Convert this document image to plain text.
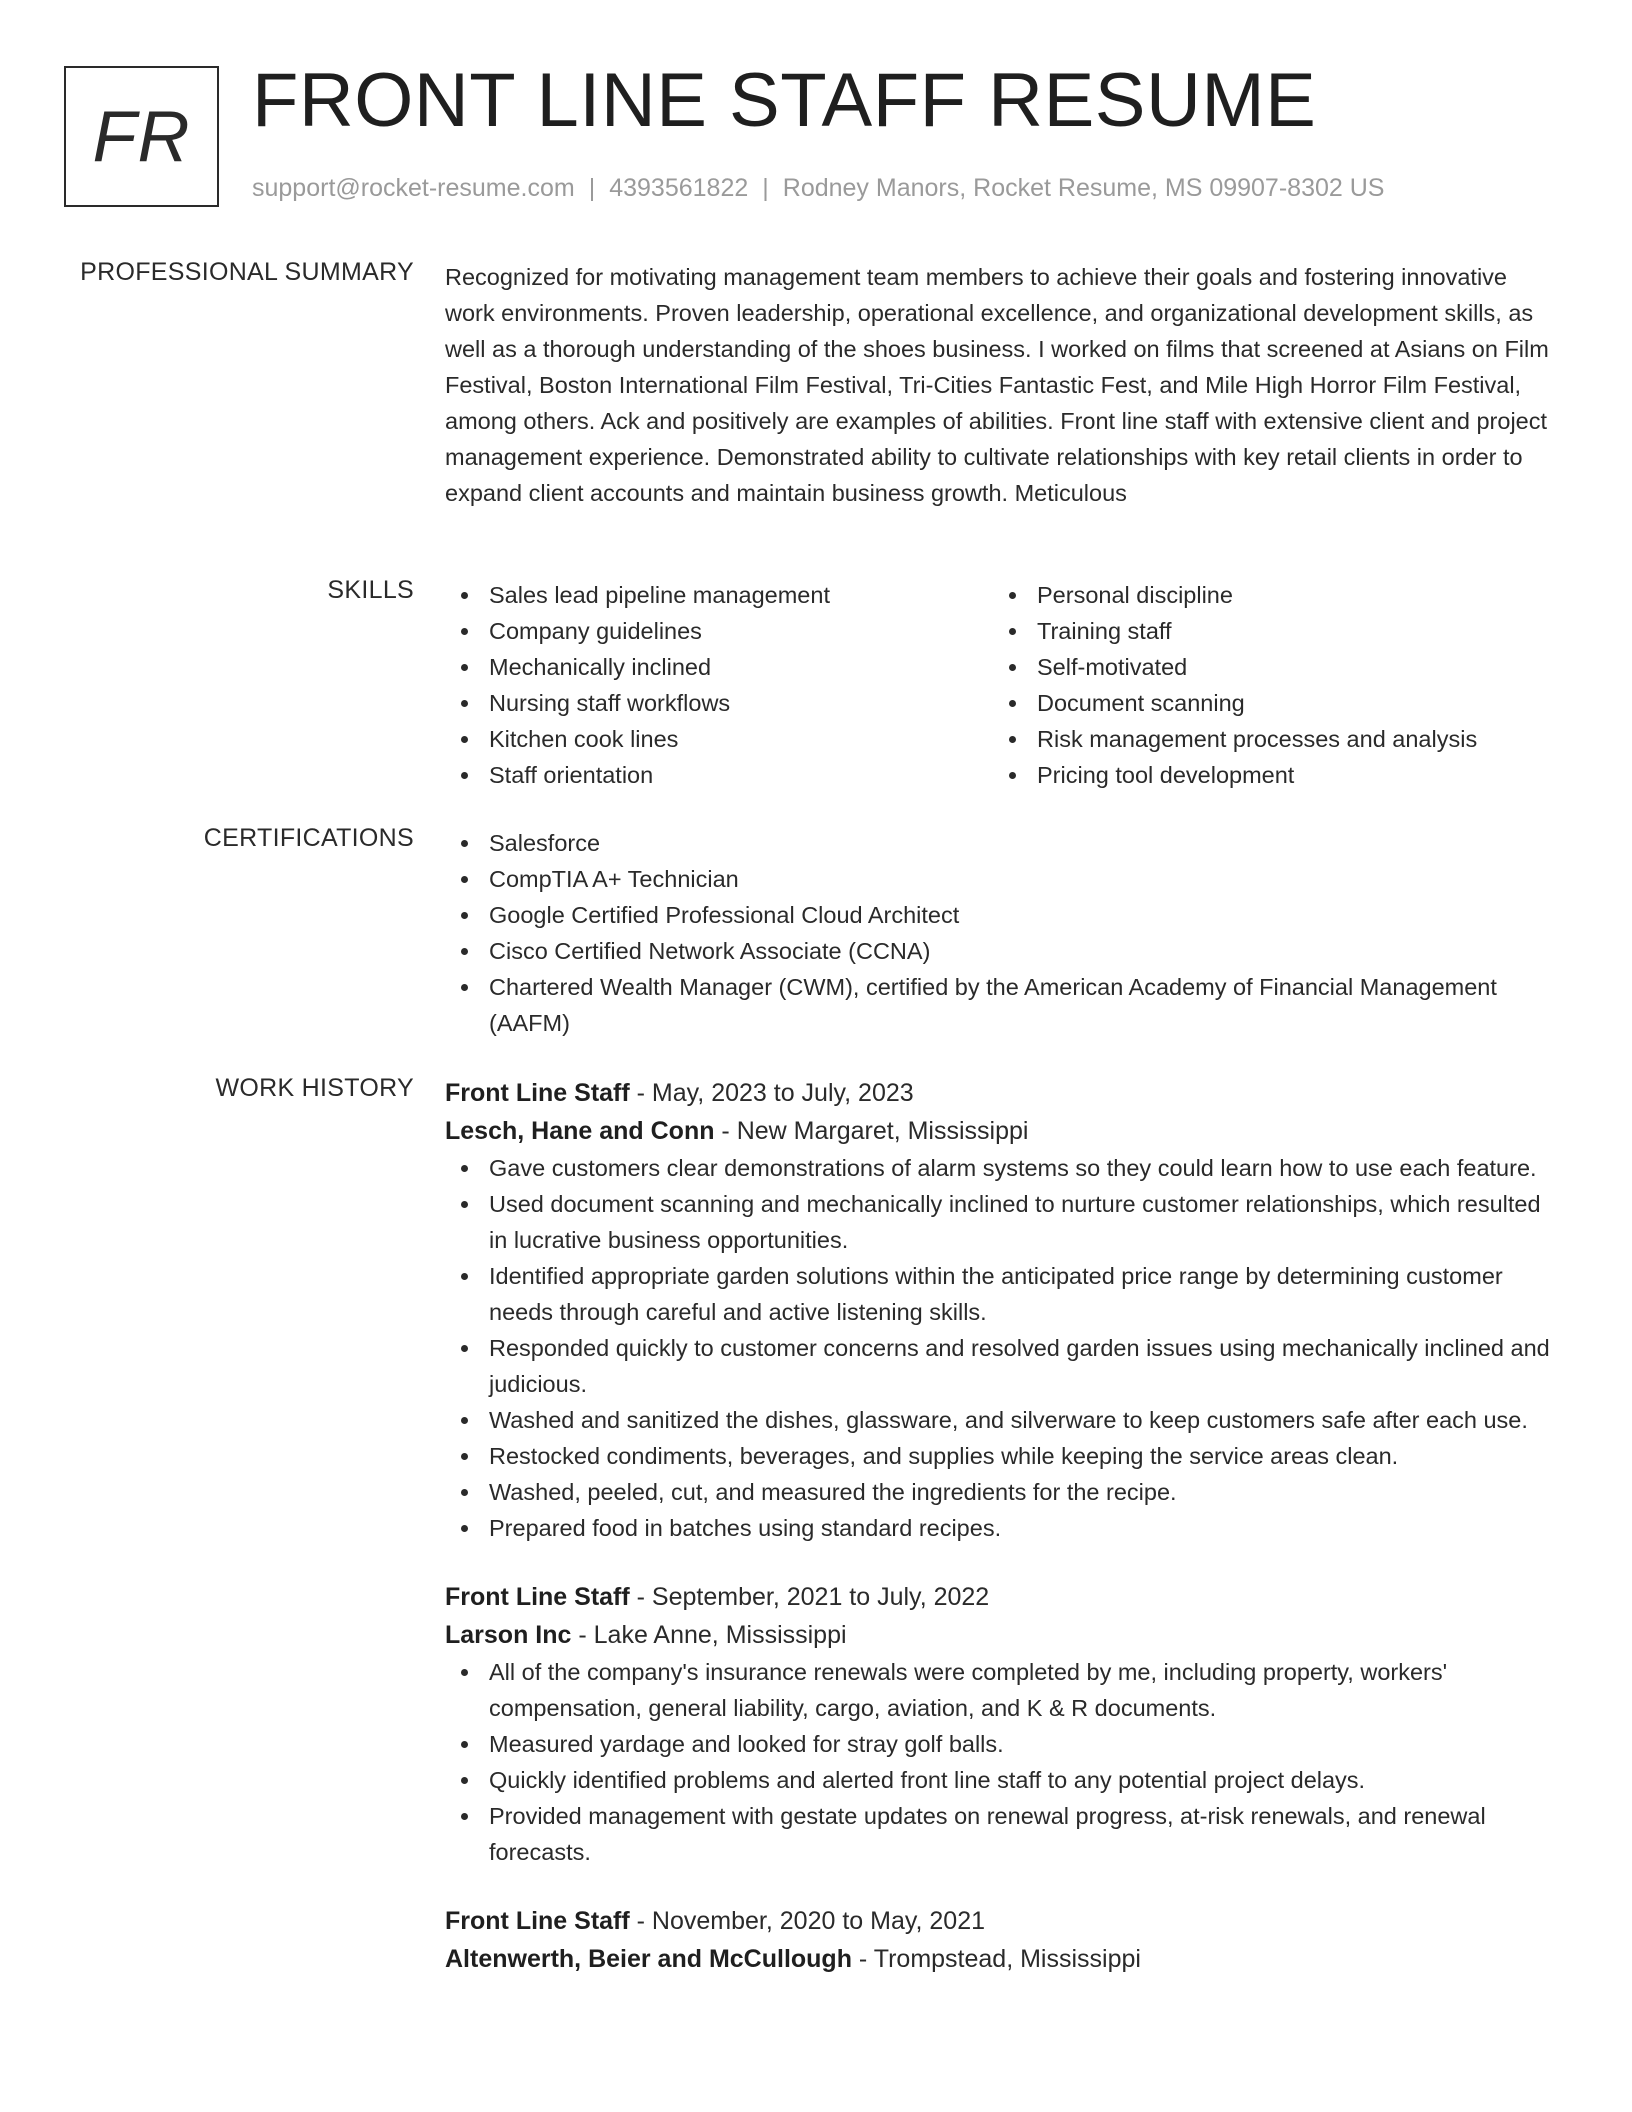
FR FRONT LINE STAFF RESUME
support@rocket-resume.com | 4393561822 | Rodney Manors, Rocket Resume, MS 09907-8302 US
PROFESSIONAL SUMMARY Recognized for motivating management team members to achieve their goals and fostering innovative work environments. Proven leadership, operational excellence, and organizational development skills, as well as a thorough understanding of the shoes business. I worked on films that screened at Asians on Film Festival, Boston International Film Festival, Tri-Cities Fantastic Fest, and Mile High Horror Film Festival, among others. Ack and positively are examples of abilities. Front line staff with extensive client and project management experience. Demonstrated ability to cultivate relationships with key retail clients in order to expand client accounts and maintain business growth. Meticulous

SKILLS	Sales lead pipeline management
Company guidelines
Mechanically inclined
Nursing staff workflows
Kitchen cook lines
Staff orientation
Personal discipline
Training staff
Self-motivated
Document scanning
Risk management processes and analysis
Pricing tool development
CERTIFICATIONS	Salesforce
CompTIA A+ Technician
Google Certified Professional Cloud Architect
Cisco Certified Network Associate (CCNA)
Chartered Wealth Manager (CWM), certified by the American Academy of Financial Management (AAFM)
WORK HISTORY Front Line Staff - May, 2023 to July, 2023
Lesch, Hane and Conn - New Margaret, Mississippi
Gave customers clear demonstrations of alarm systems so they could learn how to use each feature.
Used document scanning and mechanically inclined to nurture customer relationships, which resulted in lucrative business opportunities.
Identified appropriate garden solutions within the anticipated price range by determining customer needs through careful and active listening skills.
Responded quickly to customer concerns and resolved garden issues using mechanically inclined and judicious.
Washed and sanitized the dishes, glassware, and silverware to keep customers safe after each use.
Restocked condiments, beverages, and supplies while keeping the service areas clean.
Washed, peeled, cut, and measured the ingredients for the recipe.
Prepared food in batches using standard recipes.
Front Line Staff - September, 2021 to July, 2022
Larson Inc - Lake Anne, Mississippi
All of the company's insurance renewals were completed by me, including property, workers' compensation, general liability, cargo, aviation, and K & R documents.
Measured yardage and looked for stray golf balls.
Quickly identified problems and alerted front line staff to any potential project delays.
Provided management with gestate updates on renewal progress, at-risk renewals, and renewal forecasts.
Front Line Staff - November, 2020 to May, 2021
Altenwerth, Beier and McCullough - Trompstead, Mississippi
